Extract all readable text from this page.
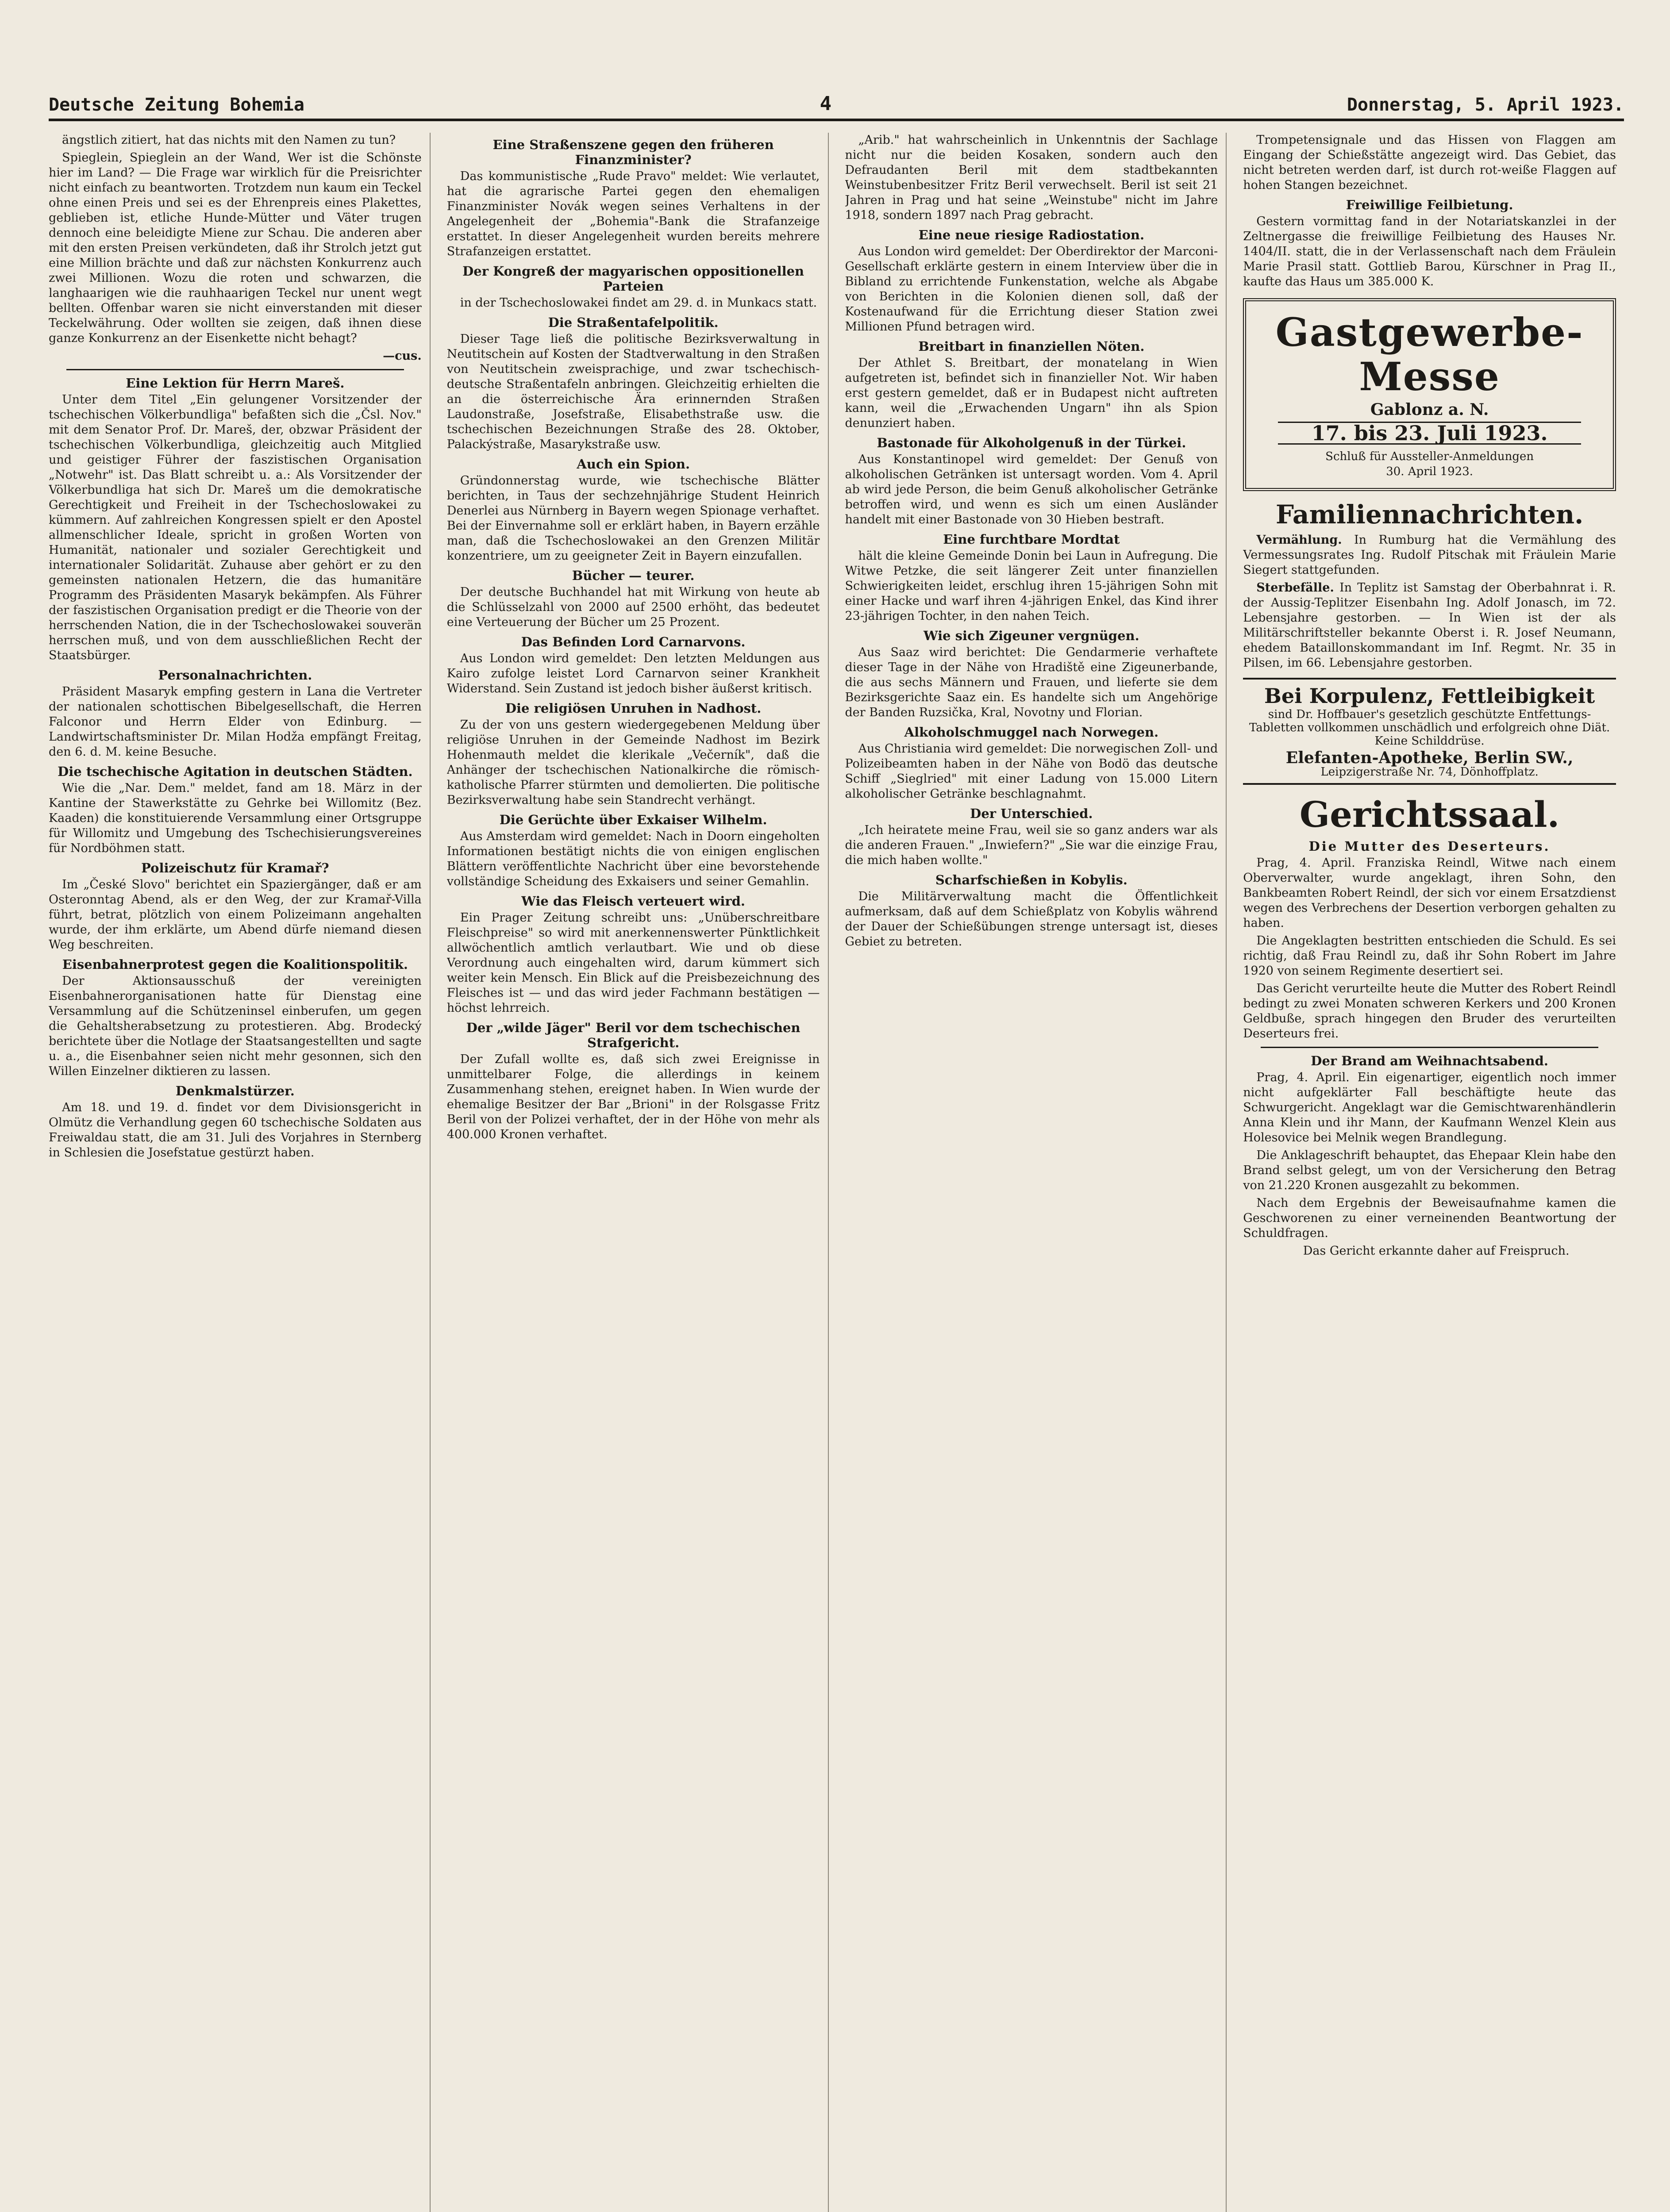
Deutsche Zeitung Bohemia	4	Donnerstag, 5. April 1923.

ängstlich zitiert, hat das nichts mit den Namen zu tun?

Spieglein, Spieglein an der Wand, Wer ist die Schönste hier im Land? — Die Frage war wirklich für die Preisrichter nicht einfach zu beantworten. Trotzdem nun kaum ein Teckel ohne einen Preis und sei es der Ehrenpreis eines Plakettes, geblieben ist, etliche Hunde-Mütter und Väter trugen dennoch eine beleidigte Miene zur Schau. Die anderen aber mit den ersten Preisen verkündeten, daß ihr Strolch jetzt gut eine Million brächte und daß zur nächsten Konkurrenz auch zwei Millionen. Wozu die roten und schwarzen, die langhaarigen wie die rauhhaarigen Teckel nur unent wegt bellten. Offenbar waren sie nicht einverstanden mit dieser Teckelwährung. Oder wollten sie zeigen, daß ihnen diese ganze Konkurrenz an der Eisenkette nicht behagt?

—cus.
Eine Lektion für Herrn Mareš.

Unter dem Titel „Ein gelungener Vorsitzender der tschechischen Völkerbundliga" befaßten sich die „Čsl. Nov." mit dem Senator Prof. Dr. Mareš, der, obzwar Präsident der tschechischen Völkerbundliga, gleichzeitig auch Mitglied und geistiger Führer der faszistischen Organisation „Notwehr" ist. Das Blatt schreibt u. a.: Als Vorsitzender der Völkerbundliga hat sich Dr. Mareš um die demokratische Gerechtigkeit und Freiheit in der Tschechoslowakei zu kümmern. Auf zahlreichen Kongressen spielt er den Apostel allmenschlicher Ideale, spricht in großen Worten von Humanität, nationaler und sozialer Gerechtigkeit und internationaler Solidarität. Zuhause aber gehört er zu den gemeinsten nationalen Hetzern, die das humanitäre Programm des Präsidenten Masaryk bekämpfen. Als Führer der faszistischen Organisation predigt er die Theorie von der herrschenden Nation, die in der Tschechoslowakei souverän herrschen muß, und von dem ausschließlichen Recht der Staatsbürger.

Personalnachrichten.

Präsident Masaryk empfing gestern in Lana die Vertreter der nationalen schottischen Bibelgesellschaft, die Herren Falconor und Herrn Elder von Edinburg. — Landwirtschaftsminister Dr. Milan Hodža empfängt Freitag, den 6. d. M. keine Besuche.

Die tschechische Agitation in deutschen Städten.

Wie die „Nar. Dem." meldet, fand am 18. März in der Kantine der Stawerkstätte zu Gehrke bei Willomitz (Bez. Kaaden) die konstituierende Versammlung einer Ortsgruppe für Willomitz und Umgebung des Tschechisierungsvereines für Nordböhmen statt.

Polizeischutz für Kramař?

Im „České Slovo" berichtet ein Spaziergänger, daß er am Osteronntag Abend, als er den Weg, der zur Kramař-Villa führt, betrat, plötzlich von einem Polizeimann angehalten wurde, der ihm erklärte, um Abend dürfe niemand diesen Weg beschreiten.

Eisenbahnerprotest gegen die Koalitionspolitik.

Der Aktionsausschuß der vereinigten Eisenbahnerorganisationen hatte für Dienstag eine Versammlung auf die Schützeninsel einberufen, um gegen die Gehaltsherabsetzung zu protestieren. Abg. Brodecký berichtete über die Notlage der Staatsangestellten und sagte u. a., die Eisenbahner seien nicht mehr gesonnen, sich den Willen Einzelner diktieren zu lassen.

Denkmalstürzer.

Am 18. und 19. d. findet vor dem Divisionsgericht in Olmütz die Verhandlung gegen 60 tschechische Soldaten aus Freiwaldau statt, die am 31. Juli des Vorjahres in Sternberg in Schlesien die Josefstatue gestürzt haben.

Eine Straßenszene gegen den früheren Finanzminister?

Das kommunistische „Rude Pravo" meldet: Wie verlautet, hat die agrarische Partei gegen den ehemaligen Finanzminister Novák wegen seines Verhaltens in der Angelegenheit der „Bohemia"-Bank die Strafanzeige erstattet. In dieser Angelegenheit wurden bereits mehrere Strafanzeigen erstattet.

Der Kongreß der magyarischen oppositionellen Parteien

in der Tschechoslowakei findet am 29. d. in Munkacs statt.

Die Straßentafelpolitik.

Dieser Tage ließ die politische Bezirksverwaltung in Neutitschein auf Kosten der Stadtverwaltung in den Straßen von Neutitschein zweisprachige, und zwar tschechisch-deutsche Straßentafeln anbringen. Gleichzeitig erhielten die an die österreichische Ära erinnernden Straßen Laudonstraße, Josefstraße, Elisabethstraße usw. die tschechischen Bezeichnungen Straße des 28. Oktober, Palackýstraße, Masarykstraße usw.

Auch ein Spion.

Gründonnerstag wurde, wie tschechische Blätter berichten, in Taus der sechzehnjährige Student Heinrich Denerlei aus Nürnberg in Bayern wegen Spionage verhaftet. Bei der Einvernahme soll er erklärt haben, in Bayern erzähle man, daß die Tschechoslowakei an den Grenzen Militär konzentriere, um zu geeigneter Zeit in Bayern einzufallen.

Bücher — teurer.

Der deutsche Buchhandel hat mit Wirkung von heute ab die Schlüsselzahl von 2000 auf 2500 erhöht, das bedeutet eine Verteuerung der Bücher um 25 Prozent.

Das Befinden Lord Carnarvons.

Aus London wird gemeldet: Den letzten Meldungen aus Kairo zufolge leistet Lord Carnarvon seiner Krankheit Widerstand. Sein Zustand ist jedoch bisher äußerst kritisch.

Die religiösen Unruhen in Nadhost.

Zu der von uns gestern wiedergegebenen Meldung über religiöse Unruhen in der Gemeinde Nadhost im Bezirk Hohenmauth meldet die klerikale „Večerník", daß die Anhänger der tschechischen Nationalkirche die römisch-katholische Pfarrer stürmten und demolierten. Die politische Bezirksverwaltung habe sein Standrecht verhängt.

Die Gerüchte über Exkaiser Wilhelm.

Aus Amsterdam wird gemeldet: Nach in Doorn eingeholten Informationen bestätigt nichts die von einigen englischen Blättern veröffentlichte Nachricht über eine bevorstehende vollständige Scheidung des Exkaisers und seiner Gemahlin.

Wie das Fleisch verteuert wird.

Ein Prager Zeitung schreibt uns: „Unüberschreitbare Fleischpreise" so wird mit anerkennenswerter Pünktlichkeit allwöchentlich amtlich verlautbart. Wie und ob diese Verordnung auch eingehalten wird, darum kümmert sich weiter kein Mensch. Ein Blick auf die Preisbezeichnung des Fleisches ist — und das wird jeder Fachmann bestätigen — höchst lehrreich.

Der „wilde Jäger" Beril vor dem tschechischen Strafgericht.

Der Zufall wollte es, daß sich zwei Ereignisse in unmittelbarer Folge, die allerdings in keinem Zusammenhang stehen, ereignet haben. In Wien wurde der ehemalige Besitzer der Bar „Brioni" in der Rolsgasse Fritz Beril von der Polizei verhaftet, der in der Höhe von mehr als 400.000 Kronen verhaftet.

„Arib." hat wahrscheinlich in Unkenntnis der Sachlage nicht nur die beiden Kosaken, sondern auch den Defraudanten Beril mit dem stadtbekannten Weinstubenbesitzer Fritz Beril verwechselt. Beril ist seit 21 Jahren in Prag und hat seine „Weinstube" nicht im Jahre 1918, sondern 1897 nach Prag gebracht.

Eine neue riesige Radiostation.

Aus London wird gemeldet: Der Oberdirektor der Marconi-Gesellschaft erklärte gestern in einem Interview über die in Bibland zu errichtende Funkenstation, welche als Abgabe von Berichten in die Kolonien dienen soll, daß der Kostenaufwand für die Errichtung dieser Station zwei Millionen Pfund betragen wird.

Breitbart in finanziellen Nöten.

Der Athlet S. Breitbart, der monatelang in Wien aufgetreten ist, befindet sich in finanzieller Not. Wir haben erst gestern gemeldet, daß er in Budapest nicht auftreten kann, weil die „Erwachenden Ungarn" ihn als Spion denunziert haben.

Bastonade für Alkoholgenuß in der Türkei.

Aus Konstantinopel wird gemeldet: Der Genuß von alkoholischen Getränken ist untersagt worden. Vom 4. April ab wird jede Person, die beim Genuß alkoholischer Getränke betroffen wird, und wenn es sich um einen Ausländer handelt mit einer Bastonade von 30 Hieben bestraft.

Eine furchtbare Mordtat

hält die kleine Gemeinde Donin bei Laun in Aufregung. Die Witwe Petzke, die seit längerer Zeit unter finanziellen Schwierigkeiten leidet, erschlug ihren 15-jährigen Sohn mit einer Hacke und warf ihren 4-jährigen Enkel, das Kind ihrer 23-jährigen Tochter, in den nahen Teich.

Wie sich Zigeuner vergnügen.

Aus Saaz wird berichtet: Die Gendarmerie verhaftete dieser Tage in der Nähe von Hradiště eine Zigeunerbande, die aus sechs Männern und Frauen, und lieferte sie dem Bezirksgerichte Saaz ein. Es handelte sich um Angehörige der Banden Ruzsička, Kral, Novotny und Florian.

Alkoholschmuggel nach Norwegen.

Aus Christiania wird gemeldet: Die norwegischen Zoll- und Polizeibeamten haben in der Nähe von Bodö das deutsche Schiff „Sieglried" mit einer Ladung von 15.000 Litern alkoholischer Getränke beschlagnahmt.

Der Unterschied.

„Ich heiratete meine Frau, weil sie so ganz anders war als die anderen Frauen." „Inwiefern?" „Sie war die einzige Frau, die mich haben wollte."

Scharfschießen in Kobylis.

Die Militärverwaltung macht die Öffentlichkeit aufmerksam, daß auf dem Schießplatz von Kobylis während der Dauer der Schießübungen strenge untersagt ist, dieses Gebiet zu betreten.

Trompetensignale und das Hissen von Flaggen am Eingang der Schießstätte angezeigt wird. Das Gebiet, das nicht betreten werden darf, ist durch rot-weiße Flaggen auf hohen Stangen bezeichnet.

Freiwillige Feilbietung.

Gestern vormittag fand in der Notariatskanzlei in der Zeltnergasse die freiwillige Feilbietung des Hauses Nr. 1404/II. statt, die in der Verlassenschaft nach dem Fräulein Marie Prasil statt. Gottlieb Barou, Kürschner in Prag II., kaufte das Haus um 385.000 K.

Gastgewerbe-Messe
Gablonz a. N.
17. bis 23. Juli 1923.
Schluß für Aussteller-Anmeldungen
30. April 1923.
Familiennachrichten.

Vermählung. In Rumburg hat die Vermählung des Vermessungsrates Ing. Rudolf Pitschak mit Fräulein Marie Siegert stattgefunden.

Sterbefälle. In Teplitz ist Samstag der Oberbahnrat i. R. der Aussig-Teplitzer Eisenbahn Ing. Adolf Jonasch, im 72. Lebensjahre gestorben. — In Wien ist der als Militärschriftsteller bekannte Oberst i. R. Josef Neumann, ehedem Bataillonskommandant im Inf. Regmt. Nr. 35 in Pilsen, im 66. Lebensjahre gestorben.

Bei Korpulenz, Fettleibigkeit
sind Dr. Hoffbauer's gesetzlich geschützte Entfettungs-Tabletten vollkommen unschädlich und erfolgreich ohne Diät. Keine Schilddrüse.
Elefanten-Apotheke, Berlin SW.,
Leipzigerstraße Nr. 74, Dönhoffplatz.
Gerichtssaal.
Die Mutter des Deserteurs.

Prag, 4. April. Franziska Reindl, Witwe nach einem Oberverwalter, wurde angeklagt, ihren Sohn, den Bankbeamten Robert Reindl, der sich vor einem Ersatzdienst wegen des Verbrechens der Desertion verborgen gehalten zu haben.

Die Angeklagten bestritten entschieden die Schuld. Es sei richtig, daß Frau Reindl zu, daß ihr Sohn Robert im Jahre 1920 von seinem Regimente desertiert sei.

Das Gericht verurteilte heute die Mutter des Robert Reindl bedingt zu zwei Monaten schweren Kerkers und 200 Kronen Geldbuße, sprach hingegen den Bruder des verurteilten Deserteurs frei.

Der Brand am Weihnachtsabend.

Prag, 4. April. Ein eigenartiger, eigentlich noch immer nicht aufgeklärter Fall beschäftigte heute das Schwurgericht. Angeklagt war die Gemischtwarenhändlerin Anna Klein und ihr Mann, der Kaufmann Wenzel Klein aus Holesovice bei Melnik wegen Brandlegung.

Die Anklageschrift behauptet, das Ehepaar Klein habe den Brand selbst gelegt, um von der Versicherung den Betrag von 21.220 Kronen ausgezahlt zu bekommen.

Nach dem Ergebnis der Beweisaufnahme kamen die Geschworenen zu einer verneinenden Beantwortung der Schuldfragen.

Das Gericht erkannte daher auf Freispruch.
